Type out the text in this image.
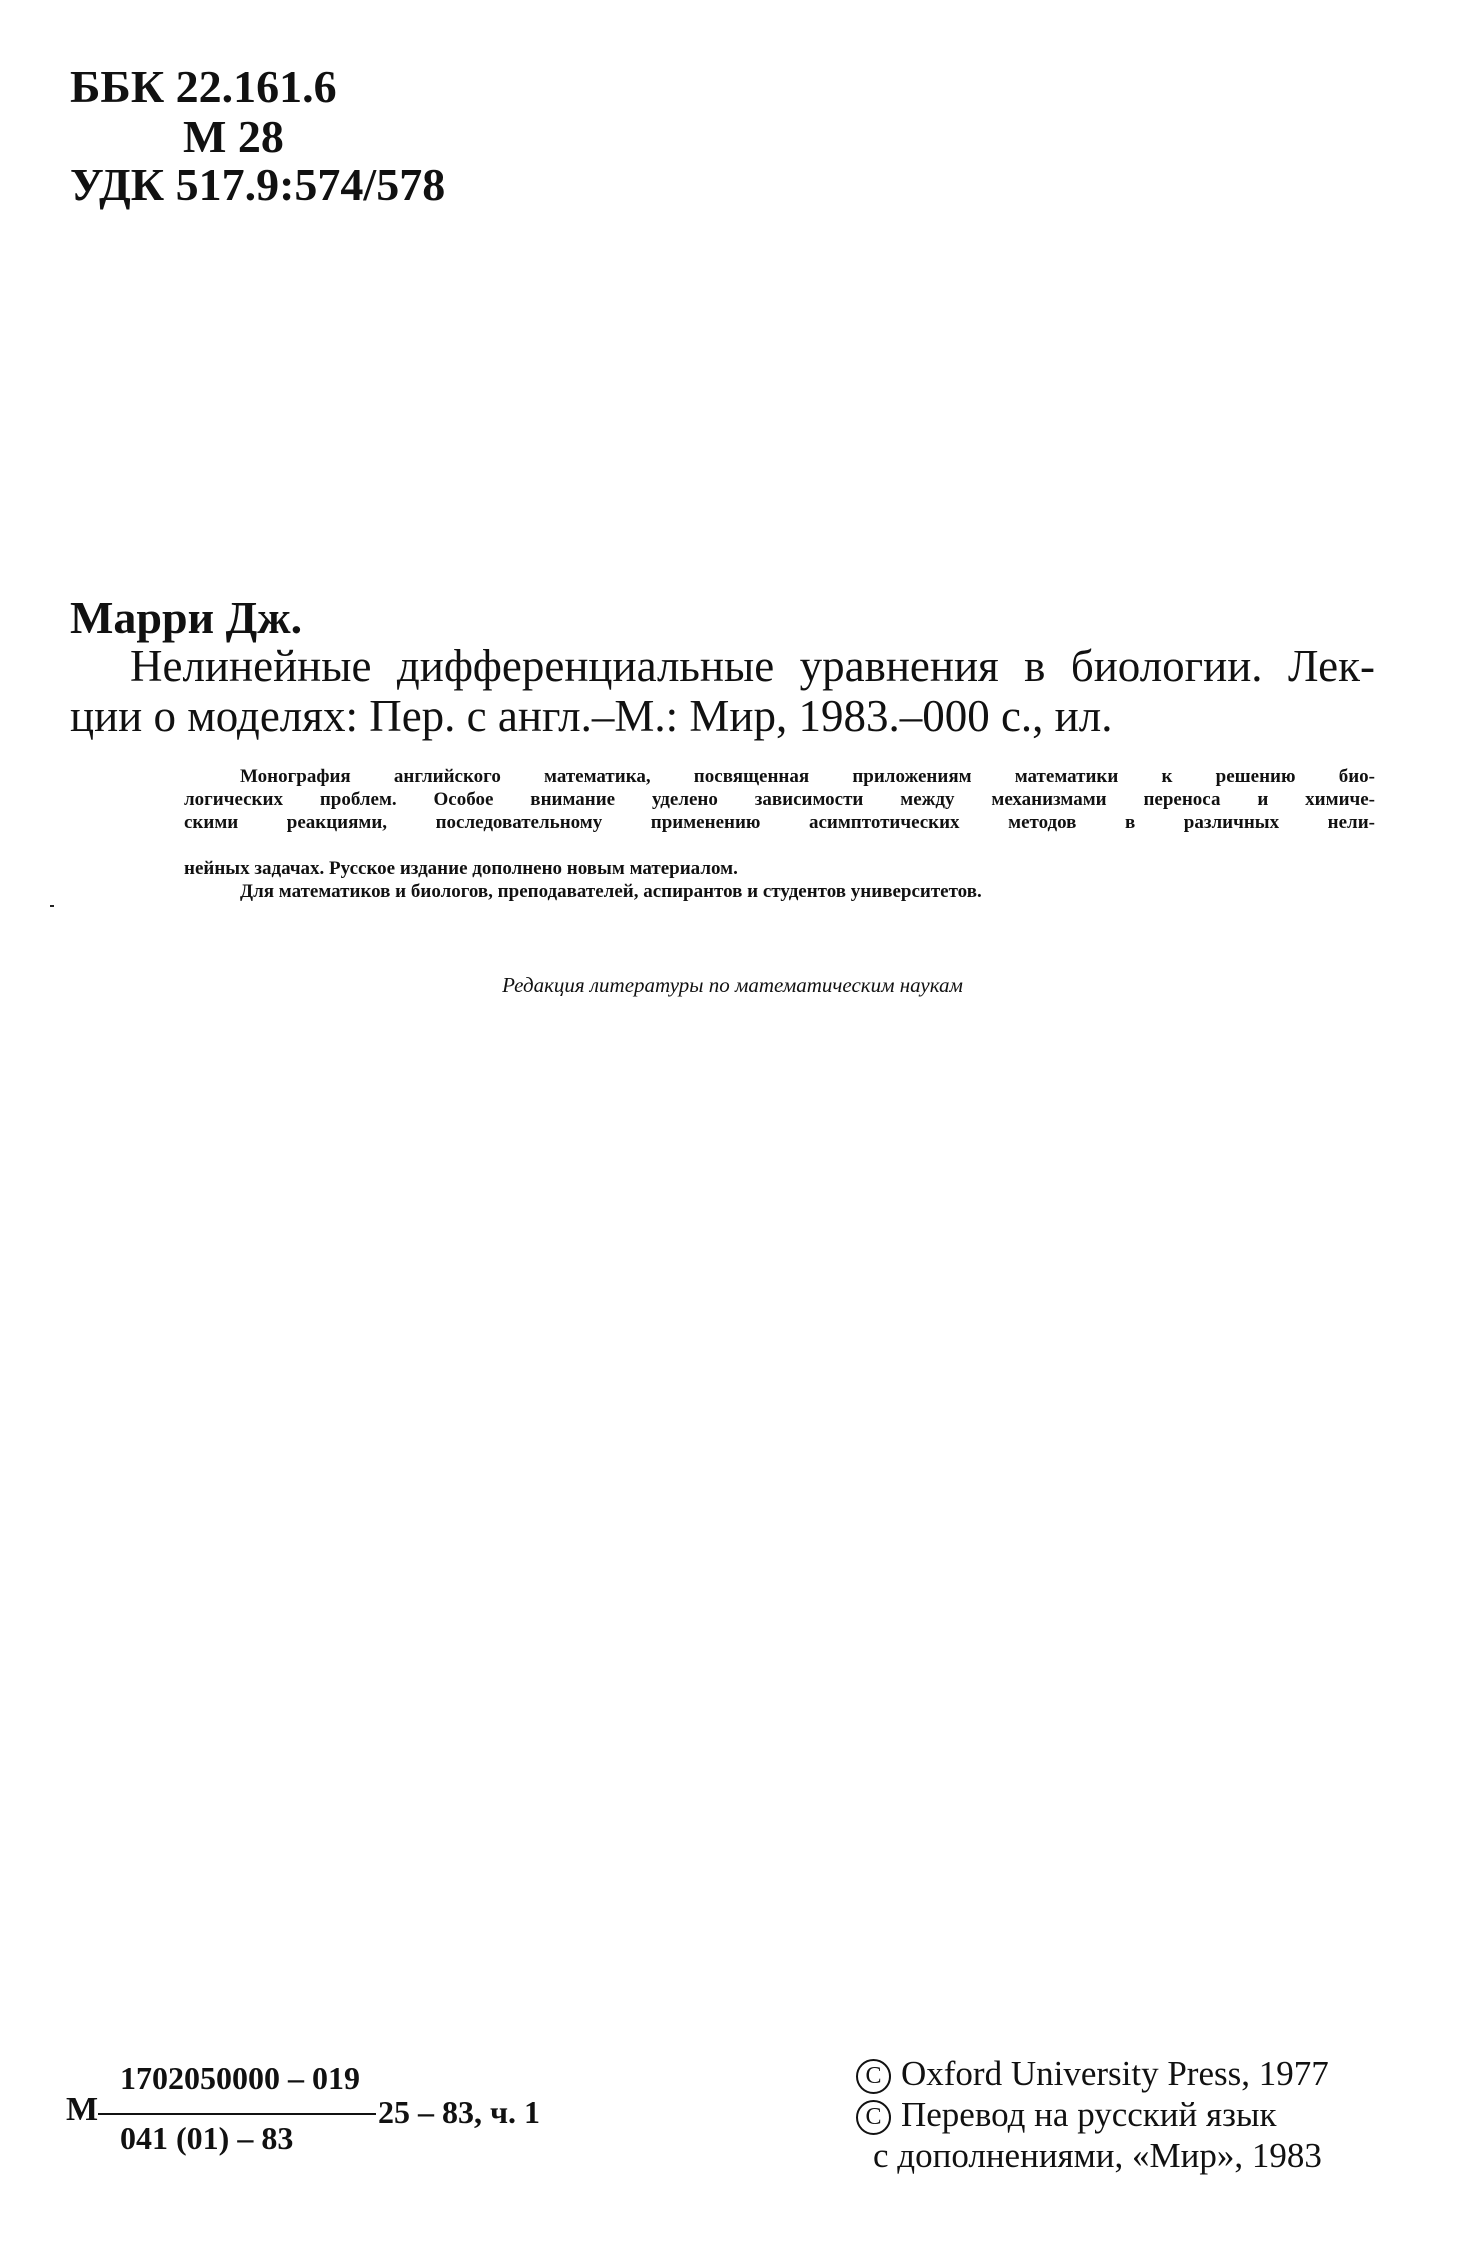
ББК 22.161.6
М 28
УДК 517.9:574/578
Марри Дж.
Нелинейные дифференциальные уравнения в биологии. Лек-
ции о моделях: Пер. с англ.–М.: Мир, 1983.–000 с., ил.
Монография английского математика, посвященная приложениям математики к решению био-
логических проблем. Особое внимание уделено зависимости между механизмами переноса и химиче-
скими реакциями, последовательному применению асимптотических методов в различных нели-
нейных задачах. Русское издание дополнено новым материалом.
Для математиков и биологов, преподавателей, аспирантов и студентов университетов.
Редакция литературы по математическим наукам
М
1702050000 – 019
041 (01) – 83
25 – 83, ч. 1
C Oxford University Press, 1977
C Перевод на русский язык
с дополнениями, «Мир», 1983
